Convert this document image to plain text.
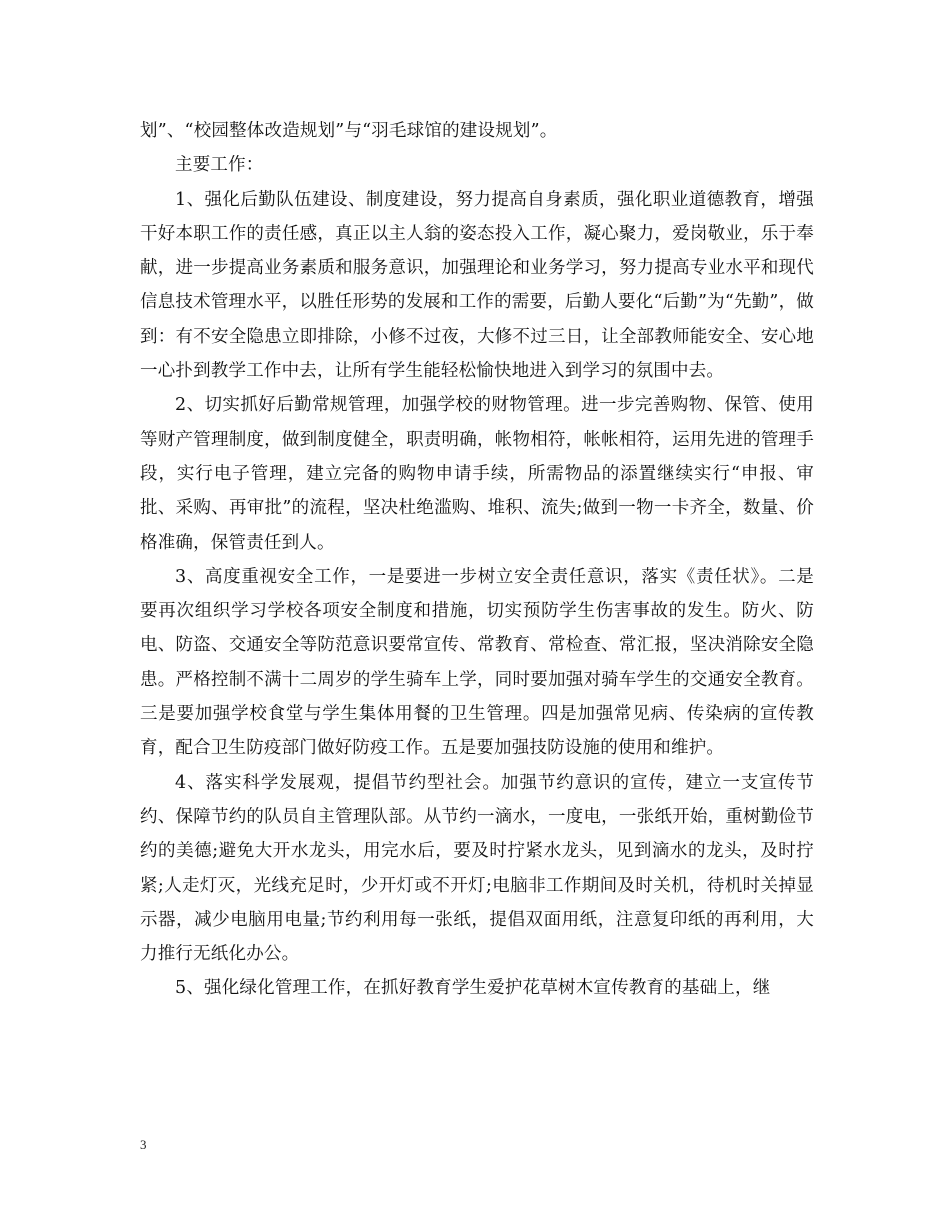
划”、“校园整体改造规划”与“羽毛球馆的建设规划”。

主要工作：

1、强化后勤队伍建设、制度建设，努力提高自身素质，强化职业道德教育，增强干好本职工作的责任感，真正以主人翁的姿态投入工作，凝心聚力，爱岗敬业，乐于奉献，进一步提高业务素质和服务意识，加强理论和业务学习，努力提高专业水平和现代信息技术管理水平，以胜任形势的发展和工作的需要，后勤人要化“后勤”为“先勤”，做到：有不安全隐患立即排除，小修不过夜，大修不过三日，让全部教师能安全、安心地一心扑到教学工作中去，让所有学生能轻松愉快地进入到学习的氛围中去。

2、切实抓好后勤常规管理，加强学校的财物管理。进一步完善购物、保管、使用等财产管理制度，做到制度健全，职责明确，帐物相符，帐帐相符，运用先进的管理手段，实行电子管理，建立完备的购物申请手续，所需物品的添置继续实行“申报、审批、采购、再审批”的流程，坚决杜绝滥购、堆积、流失;做到一物一卡齐全，数量、价格准确，保管责任到人。

3、高度重视安全工作，一是要进一步树立安全责任意识，落实《责任状》。二是要再次组织学习学校各项安全制度和措施，切实预防学生伤害事故的发生。防火、防电、防盗、交通安全等防范意识要常宣传、常教育、常检查、常汇报，坚决消除安全隐患。严格控制不满十二周岁的学生骑车上学，同时要加强对骑车学生的交通安全教育。三是要加强学校食堂与学生集体用餐的卫生管理。四是加强常见病、传染病的宣传教育，配合卫生防疫部门做好防疫工作。五是要加强技防设施的使用和维护。

4、落实科学发展观，提倡节约型社会。加强节约意识的宣传，建立一支宣传节约、保障节约的队员自主管理队部。从节约一滴水，一度电，一张纸开始，重树勤俭节约的美德;避免大开水龙头，用完水后，要及时拧紧水龙头，见到滴水的龙头，及时拧紧;人走灯灭，光线充足时，少开灯或不开灯;电脑非工作期间及时关机，待机时关掉显示器，减少电脑用电量;节约利用每一张纸，提倡双面用纸，注意复印纸的再利用，大力推行无纸化办公。

5、强化绿化管理工作，在抓好教育学生爱护花草树木宣传教育的基础上，继

3
